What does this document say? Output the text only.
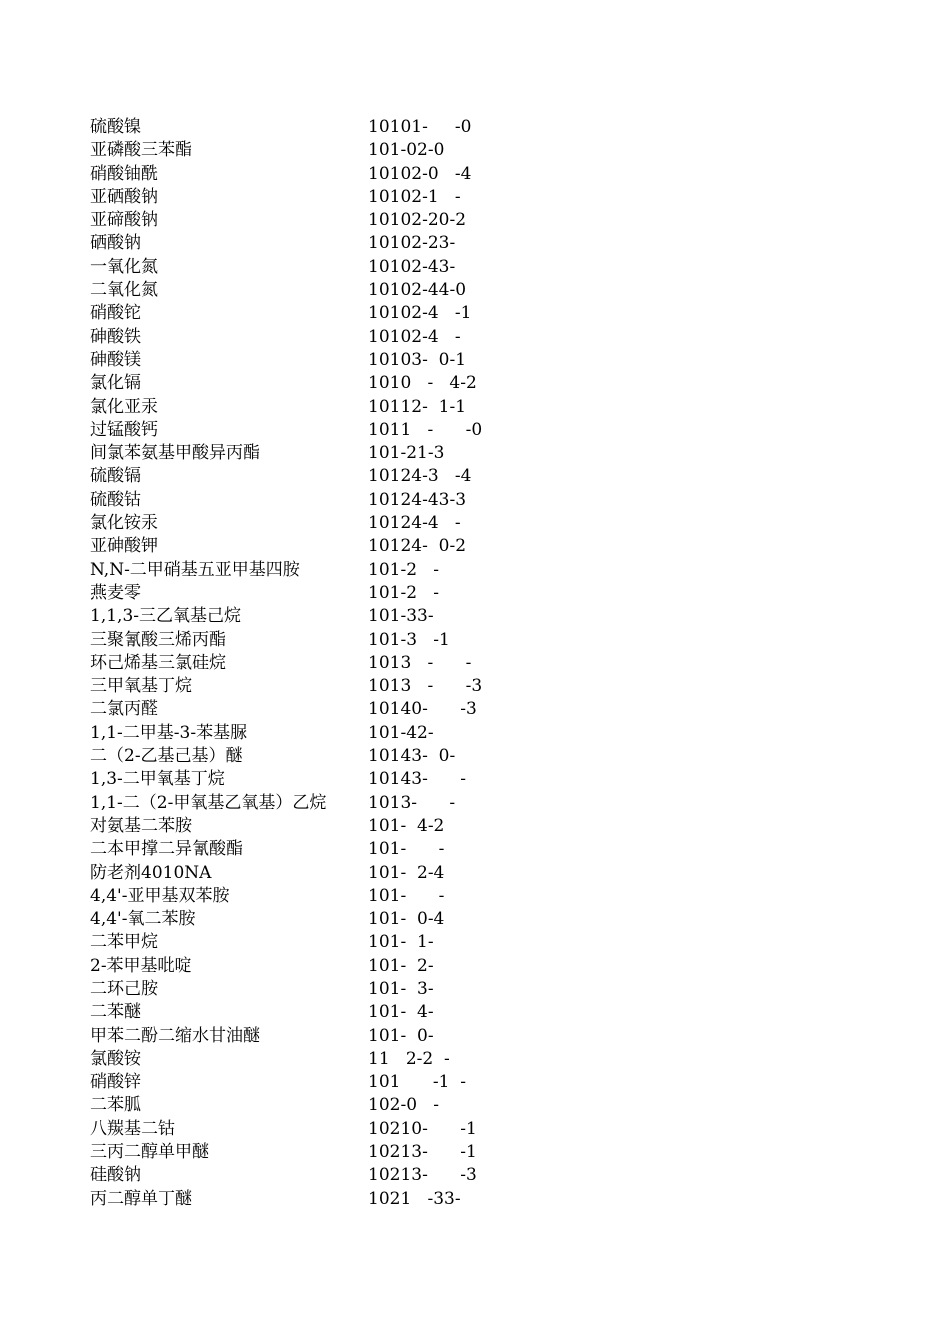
硫酸镍	10101-     -0
亚磷酸三苯酯	101-02-0
硝酸铀酰	10102-0   -4
亚硒酸钠	10102-1   -
亚碲酸钠	10102-20-2
硒酸钠	10102-23-
一氧化氮	10102-43-
二氧化氮	10102-44-0
硝酸铊	10102-4   -1
砷酸铁	10102-4   -
砷酸镁	10103-  0-1
氯化镉	1010   -   4-2
氯化亚汞	10112-  1-1
过锰酸钙	1011   -      -0
间氯苯氨基甲酸异丙酯	101-21-3
硫酸镉	10124-3   -4
硫酸钴	10124-43-3
氯化铵汞	10124-4   -
亚砷酸钾	10124-  0-2
N,N-二甲硝基五亚甲基四胺	101-2   -
燕麦零	101-2   -
1,1,3-三乙氧基己烷	101-33-
三聚氰酸三烯丙酯	101-3   -1
环己烯基三氯硅烷	1013   -      -
三甲氧基丁烷	1013   -      -3
二氯丙醛	10140-      -3
1,1-二甲基-3-苯基脲	101-42-
二（2-乙基己基）醚	10143-  0-
1,3-二甲氧基丁烷	10143-      -
1,1-二（2-甲氧基乙氧基）乙烷	1013-      -
对氨基二苯胺	101-  4-2
二本甲撑二异氰酸酯	101-      -
防老剂4010NA	101-  2-4
4,4'-亚甲基双苯胺	101-      -
4,4'-氧二苯胺	101-  0-4
二苯甲烷	101-  1-
2-苯甲基吡啶	101-  2-
二环己胺	101-  3-
二苯醚	101-  4-
甲苯二酚二缩水甘油醚	101-  0-
氯酸铵	11   2-2  -
硝酸锌	101      -1  -
二苯胍	102-0   -
八羰基二钴	10210-      -1
三丙二醇单甲醚	10213-      -1
硅酸钠	10213-      -3
丙二醇单丁醚	1021   -33-
